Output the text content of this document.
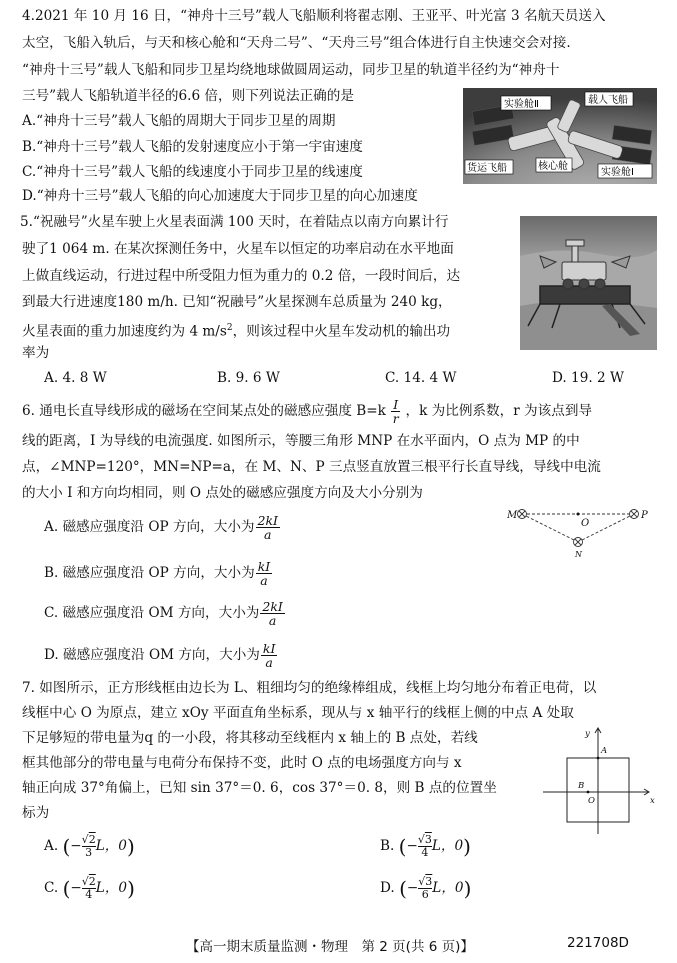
4.2021 年 10 月 16 日，“神舟十三号”载人飞船顺利将翟志刚、王亚平、叶光富 3 名航天员送入
太空，飞船入轨后，与天和核心舱和“天舟二号”、“天舟三号”组合体进行自主快速交会对接.
“神舟十三号”载人飞船和同步卫星均绕地球做圆周运动，同步卫星的轨道半径约为“神舟十
三号”载人飞船轨道半径的6.6 倍，则下列说法正确的是
A.“神舟十三号”载人飞船的周期大于同步卫星的周期
B.“神舟十三号”载人飞船的发射速度应小于第一宇宙速度
C.“神舟十三号”载人飞船的线速度小于同步卫星的线速度
D.“神舟十三号”载人飞船的向心加速度大于同步卫星的向心加速度
实验舱Ⅱ	载人飞船
核心舱
实验舱Ⅰ
货运飞船
5.“祝融号”火星车驶上火星表面满 100 天时，在着陆点以南方向累计行
驶了1 064 m. 在某次探测任务中，火星车以恒定的功率启动在水平地面
上做直线运动，行进过程中所受阻力恒为重力的 0.2 倍，一段时间后，达
到最大行进速度180 m/h. 已知“祝融号”火星探测车总质量为 240 kg，
火星表面的重力加速度约为 4 $m/s^2$，则该过程中火星车发动机的输出功
率为
A. 4. 8 W	B. 9. 6 W	C. 14. 4 W	D. 19. 2 W
6. 通电长直导线形成的磁场在空间某点处的磁感应强度 $B=k \frac{I}{r}$ ，k 为比例系数，r 为该点到导
线的距离，I 为导线的电流强度. 如图所示，等腰三角形 MNP 在水平面内，O 点为 MP 的中
点，∠MNP=120°，MN=NP=a，在 M、N、P 三点竖直放置三根平行长直导线，导线中电流
的大小 I 和方向均相同，则 O 点处的磁感应强度方向及大小分别为
A. 磁感应强度沿 OP 方向，大小为 $\frac{2kI}{a}$
B. 磁感应强度沿 OP 方向，大小为 $\frac{kI}{a}$
C. 磁感应强度沿 OM 方向，大小为 $\frac{2kI}{a}$
D. 磁感应强度沿 OM 方向，大小为 $\frac{kI}{a}$
M
O
P
N
7. 如图所示，正方形线框由边长为 L、粗细均匀的绝缘棒组成，线框上均匀地分布着正电荷，以
线框中心 O 为原点，建立 xOy 平面直角坐标系，现从与 x 轴平行的线框上侧的中点 A 处取
下足够短的带电量为q 的一小段，将其移动至线框内 x 轴上的 B 点处，若线
框其他部分的带电量与电荷分布保持不变，此时 O 点的电场强度方向与 x
轴正向成 37°角偏上，已知 sin 37°＝0. 6，cos 37°＝0. 8，则 B 点的位置坐
标为
A. (− $\frac{√2}{3}L$，0)	B. (− $\frac{√3}{4}L$，0)
C. (− $\frac{√2}{4}L$，0)	D. (− $\frac{√3}{6}L$，0)
y
x
A
B
O
【高一期末质量监测・物理　第 2 页(共 6 页)】	221708D
